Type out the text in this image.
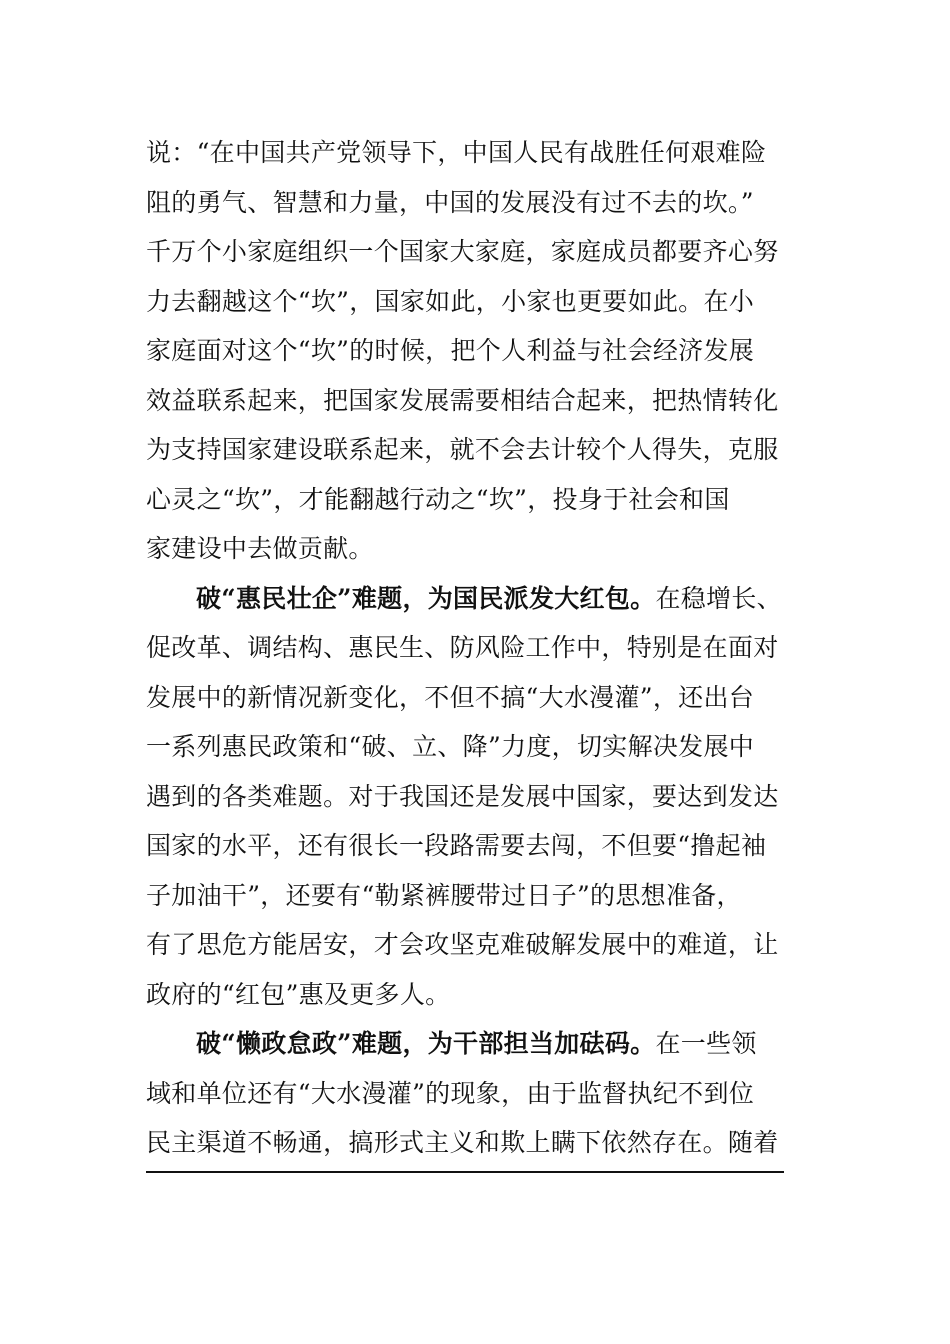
说：“在中国共产党领导下，中国人民有战胜任何艰难险
阻的勇气、智慧和力量，中国的发展没有过不去的坎。”
千万个小家庭组织一个国家大家庭，家庭成员都要齐心努
力去翻越这个“坎”，国家如此，小家也更要如此。在小
家庭面对这个“坎”的时候，把个人利益与社会经济发展
效益联系起来，把国家发展需要相结合起来，把热情转化
为支持国家建设联系起来，就不会去计较个人得失，克服
心灵之“坎”，才能翻越行动之“坎”，投身于社会和国
家建设中去做贡献。
破“惠民壮企”难题，为国民派发大红包。在稳增长、
促改革、调结构、惠民生、防风险工作中，特别是在面对
发展中的新情况新变化，不但不搞“大水漫灌”，还出台
一系列惠民政策和“破、立、降”力度，切实解决发展中
遇到的各类难题。对于我国还是发展中国家，要达到发达
国家的水平，还有很长一段路需要去闯，不但要“撸起袖
子加油干”，还要有“勒紧裤腰带过日子”的思想准备，
有了思危方能居安，才会攻坚克难破解发展中的难道，让
政府的“红包”惠及更多人。
破“懒政怠政”难题，为干部担当加砝码。在一些领
域和单位还有“大水漫灌”的现象，由于监督执纪不到位
民主渠道不畅通，搞形式主义和欺上瞒下依然存在。随着
